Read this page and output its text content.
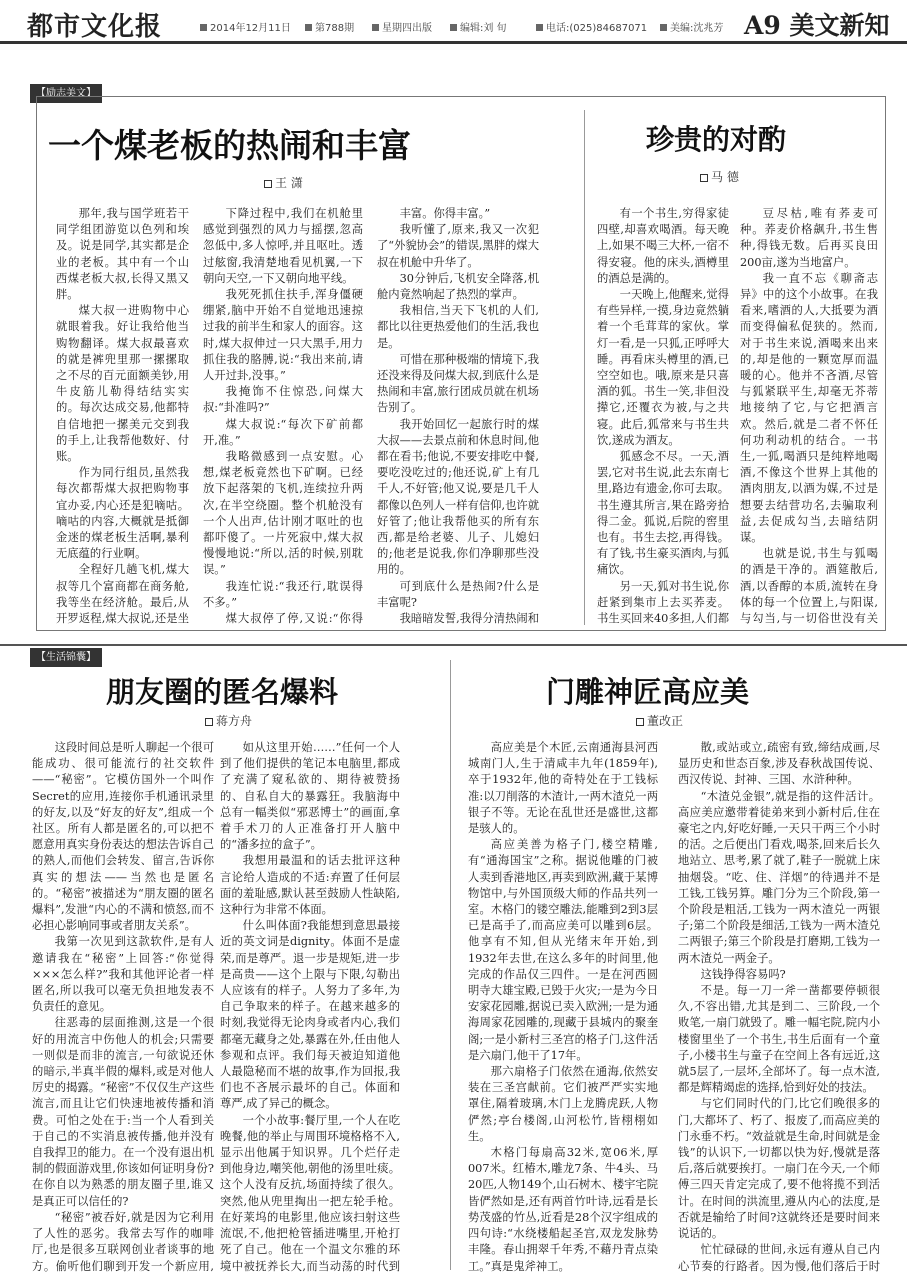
都市文化报	2014年12月11日	第788期	星期四出版	编辑:刘 旬	电话:(025)84687071	美编:沈兆芳 A9 美文新知
【励志美文】
一个煤老板的热闹和丰富
王 潇

那年,我与国学班若干同学组团游览以色列和埃及。说是同学,其实都是企业的老板。其中有一个山西煤老板大叔,长得又黑又胖。

煤大叔一进购物中心就眼着我。好让我给他当购物翻译。煤大叔最喜欢的就是裤兜里那一摞摞取之不尽的百元面额美钞,用牛皮筋儿勒得结结实实的。每次达成交易,他都特自信地把一摞美元交到我的手上,让我帮他数好、付账。

作为同行组员,虽然我每次都帮煤大叔把购物事宜办妥,内心还是犯嘀咕。嘀咕的内容,大概就是抵御金迷的煤老板生活啊,暴利无底蕴的行业啊。

全程好几趟飞机,煤大叔等几个富商都在商务舱,我等坐在经济舱。最后,从开罗返程,煤大叔说,还是坐

下降过程中,我们在机舱里感觉到强烈的风力与摇摆,忽高忽低中,多人惊呼,并且呕吐。透过舷窗,我清楚地看见机翼,一下朝向天空,一下又朝向地平线。

我死死抓住扶手,浑身僵硬绷紧,脑中开始不自觉地迅速掠过我的前半生和家人的面容。这时,煤大叔伸过一只大黑手,用力抓住我的胳膊,说:“我出来前,请人开过卦,没事。”

我掩饰不住惊恐,问煤大叔:“卦准吗?”

煤大叔说:“每次下矿前都开,准。”

我略微感到一点安慰。心想,煤老板竟然也下矿啊。已经放下起落架的飞机,连续拉升两次,在半空绕圈。整个机舱没有一个人出声,估计刚才呕吐的也都吓傻了。一片死寂中,煤大叔慢慢地说:“所以,活的时候,别耽误。”

我连忙说:“我还行,耽误得不多。”

煤大叔停了停,又说:“你得

丰富。你得丰富。”

我听懂了,原来,我又一次犯了“外貌协会”的错误,黑胖的煤大叔在机舱中升华了。

30分钟后,飞机安全降落,机舱内竟然响起了热烈的掌声。

我相信,当天下飞机的人们,都比以往更热爱他们的生活,我也是。

可惜在那种极端的情境下,我还没来得及问煤大叔,到底什么是热闹和丰富,旅行团成员就在机场告别了。

我开始回忆一起旅行时的煤大叔——去景点前和休息时间,他都在看书;他说,不要安排吃中餐,要吃没吃过的;他还说,矿上有几千人,不好管;他又说,要是几千人都像以色列人一样有信仰,也许就好管了;他让我帮他买的所有东西,都是给老婆、儿子、儿媳妇的;他老是说我,你们净聊那些没用的。

可到底什么是热闹?什么是丰富呢?

我暗暗发誓,我得分清热闹和

珍贵的对酌
马 德

有一个书生,穷得家徒四壁,却喜欢喝酒。每天晚上,如果不喝三大杯,一宿不得安寝。他的床头,酒樽里的酒总是满的。

一天晚上,他醒来,觉得有些异样,一摸,身边竟然躺着一个毛茸茸的家伙。掌灯一看,是一只狐,正呼呼大睡。再看床头樽里的酒,已空空如也。哦,原来是只喜酒的狐。书生一笑,非但没撵它,还覆衣为被,与之共寝。此后,狐常来与书生共饮,遂成为酒友。

狐感念不尽。一天,酒罢,它对书生说,此去东南七里,路边有遗金,你可去取。书生遵其所言,果在路旁拾得二金。狐说,后院的窖里也有。书生去挖,再得钱。有了钱,书生豪买酒肉,与狐痛饮。

另一天,狐对书生说,你赶紧到集市上去买荞麦。书生买回来40多担,人们都

豆尽枯,唯有荞麦可种。荞麦价格飙升,书生售种,得钱无数。后再买良田200亩,遂为当地富户。

我一直不忘《聊斋志异》中的这个小故事。在我看来,嗜酒的人,大抵要为酒而变得偏私促狭的。然而,对于书生来说,酒喝来出来的,却是他的一颗宽厚而温暖的心。他并不吝酒,尽管与狐紧联平生,却毫无芥蒂地接纳了它,与它把酒言欢。然后,就是二者不怀任何功利动机的结合。一书生,一狐,喝酒只是纯粹地喝酒,不像这个世界上其他的酒肉朋友,以酒为媒,不过是想要去结营功名,去骗取利益,去促成勾当,去暗结阴谋。

也就是说,书生与狐喝的酒是干净的。酒筵散后,酒,以香醇的本质,流转在身体的每一个位置上,与阳谋,与勾当,与一切俗世没有关

【生活锦囊】
朋友圈的匿名爆料
蒋方舟

这段时间总是听人聊起一个很可能成功、很可能流行的社交软件——“秘密”。它模仿国外一个叫作Secret的应用,连接你手机通讯录里的好友,以及“好友的好友”,组成一个社区。所有人都是匿名的,可以把不愿意用真实身份表达的想法告诉自己的熟人,而他们会转发、留言,告诉你真实的想法——当然也是匿名的。“秘密”被描述为“朋友圈的匿名爆料”,发泄“内心的不满和愤怒,而不必担心影响同事或者朋友关系”。

我第一次见到这款软件,是有人邀请我在“秘密”上回答:“你觉得×××怎么样?”我和其他评论者一样匿名,所以我可以毫无负担地发表不负责任的意见。

往恶毒的层面推测,这是一个很好的用流言中伤他人的机会;只需要一则似是而非的流言,一句欲说还休的暗示,半真半假的爆料,或是对他人厉史的揭露。“秘密”不仅仅生产这些流言,而且让它们快速地被传播和消费。可怕之处在于:当一个人看到关于自己的不实消息被传播,他并没有自我捍卫的能力。在一个没有退出机制的假面游戏里,你该如何证明身份?在你自以为熟悉的朋友圈子里,谁又是真正可以信任的?

“秘密”被吞好,就是因为它利用了人性的恶劣。我常去写作的咖啡厅,也是很多互联网创业者谈事的地方。偷听他们聊到开发一个新应用,

如从这里开始……”任何一个人到了他们提供的笔记本电脑里,都成了充满了窥私欲的、期待被赞扬的、自私自大的暴露狂。我脑海中总有一幅类似“邪恶博士”的画面,拿着手术刀的人正准备打开人脑中的“潘多拉的盒子”。

我想用最温和的话去批评这种言论给人造成的不适:弃置了任何层面的羞耻感,默认甚至鼓励人性缺陷,这种行为非常不体面。

什么叫体面?我能想到意思最接近的英文词是dignity。体面不是虚荣,而是尊严。退一步是规矩,进一步是高贵——这个上限与下限,勾勒出人应该有的样子。人努力了多年,为自己争取来的样子。在越来越多的时刻,我觉得无论肉身或者内心,我们都毫无藏身之处,暴露在外,任由他人参观和点评。我们每天被迫知道他人最隐秘而不堪的故事,作为回报,我们也不吝展示最坏的自己。体面和尊严,成了异己的概念。

一个小故事:餐厅里,一个人在吃晚餐,他的举止与周围环境格格不入,显示出他属于知识界。几个烂仔走到他身边,嘲笑他,朝他的汤里吐痰。这个人没有反抗,场面持续了很久。突然,他从兜里掏出一把左轮手枪。在好莱坞的电影里,他应该扫射这些流氓,不,他把枪管插进嘴里,开枪打死了自己。他在一个温文尔雅的环境中被抚养长大,而当动荡的时代到

门雕神匠高应美
董改正

高应美是个木匠,云南通海县河西城南门人,生于清咸丰九年(1859年),卒于1932年,他的奇特处在于工钱标准:以刀削落的木渣计,一两木渣兑一两银子不等。无论在乱世还是盛世,这都是骇人的。

高应美善为格子门,楼空精雕,有“通海国宝”之称。据说他雕的门被人卖到香港地区,再卖到欧洲,藏于某博物馆中,与外国顶级大师的作品共列一室。木格门的镂空雕法,能雕到2到3层已是高手了,而高应美可以雕到6层。他享有不知,但从光绪末年开始,到1932年去世,在这么多年的时间里,他完成的作品仅三四件。一是在河西圆明寺大雄宝殿,已毁于火灾;一是为今日安家花园雕,据说已卖入欧洲;一是为通海周家花园雕的,现藏于县城内的聚奎阁;一是小新村三圣宫的格子门,这件活是六扇门,他干了17年。

那六扇格子门依然在通海,依然安装在三圣宫献前。它们被严严实实地罩住,隔着玻璃,木门上龙腾虎跃,人物俨然;亭台楼阁,山河松竹,皆栩栩如生。

木格门每扇高32米,宽06米,厚007米。红椿木,雕龙7条、牛4头、马20匹,人物149个,山石树木、楼宇宅院皆俨然如是,还有两首竹叶诗,远看是长势茂盛的竹丛,近看是28个汉字组成的四句诗:“水绕楼船起圣宫,双龙发脉势丰隆。春山拥翠千年秀,不藉丹青点染工。”真是鬼斧神工。

散,或站或立,疏密有致,缔结成画,尽显历史和世态百象,涉及春秋战国传说、西汉传说、封神、三国、水浒种种。

“木渣兑金银”,就是指的这件活计。高应美应邀带着徒弟来到小新村后,住在豪宅之内,好吃好睡,一天只干两三个小时的活。之后便出门看戏,喝茶,回来后长久地站立、思考,累了就了,鞋子一脱就上床抽烟袋。“吃、住、洋烟”的待遇并不是工钱,工钱另算。雕门分为三个阶段,第一个阶段是粗活,工钱为一两木渣兑一两银子;第二个阶段是细活,工钱为一两木渣兑二两银子;第三个阶段是打磨期,工钱为一两木渣兑一两金子。

这钱挣得容易吗?

不是。每一刀一斧一凿都要停顿很久,不容出错,尤其是到二、三阶段,一个败笔,一扇门就毁了。雕一幅宅院,院内小楼窗里坐了一个书生,书生后面有一个童子,小楼书生与童子在空间上各有远近,这就5层了,一层坏,全部坏了。每一点木渣,都是辉精竭虑的选择,恰到好处的技法。

与它们同时代的门,比它们晚很多的门,大都坏了、朽了、报废了,而高应美的门永垂不朽。“效益就是生命,时间就是金钱”的认识下,一切都以快为好,慢就是落后,落后就要挨打。一扇门在今天,一个师傅三四天肯定完成了,要不他将揽不到活计。在时间的洪流里,遵从内心的法度,是否就是输给了时间?这就终还是要时间来说话的。

忙忙碌碌的世间,永远有遵从自己内心节奏的行路者。因为慢,他们落后于时
